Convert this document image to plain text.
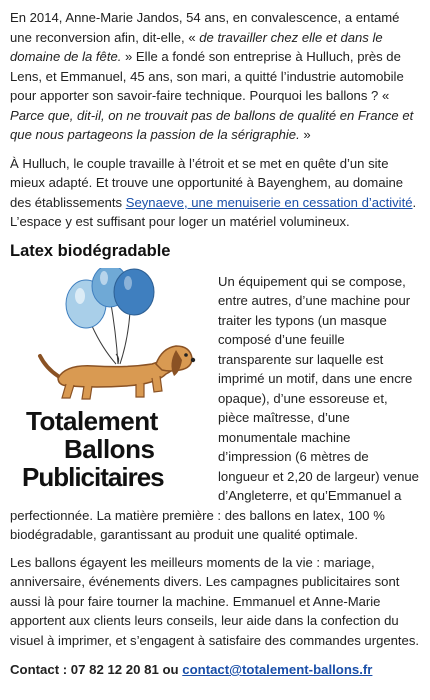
En 2014, Anne-Marie Jandos, 54 ans, en convalescence, a entamé une reconversion afin, dit-elle, « de travailler chez elle et dans le domaine de la fête. » Elle a fondé son entreprise à Hulluch, près de Lens, et Emmanuel, 45 ans, son mari, a quitté l’industrie automobile pour apporter son savoir-faire technique. Pourquoi les ballons ? « Parce que, dit-il, on ne trouvait pas de ballons de qualité en France et que nous partageons la passion de la sérigraphie. »

À Hulluch, le couple travaille à l’étroit et se met en quête d’un site mieux adapté. Et trouve une opportunité à Bayenghem, au domaine des établissements Seynaeve, une menuiserie en cessation d’activité. L’espace y est suffisant pour loger un matériel volumineux.

Latex biodégradable
Totalement
Ballons
Publicitaires

Un équipement qui se compose, entre autres, d’une machine pour traiter les typons (un masque composé d’une feuille transparente sur laquelle est imprimé un motif, dans une encre opaque), d’une essoreuse et, pièce maîtresse, d’une monumentale machine d’impression (6 mètres de longueur et 2,20 de largeur) venue d’Angleterre, et qu’Emmanuel a perfectionnée. La matière première : des ballons en latex, 100 % biodégradable, garantissant au produit une qualité optimale.

Les ballons égayent les meilleurs moments de la vie : mariage, anniversaire, événements divers. Les campagnes publicitaires sont aussi là pour faire tourner la machine. Emmanuel et Anne-Marie apportent aux clients leurs conseils, leur aide dans la confection du visuel à imprimer, et s’engagent à satisfaire des commandes urgentes.

Contact : 07 82 12 20 81 ou contact@totalement-ballons.fr
